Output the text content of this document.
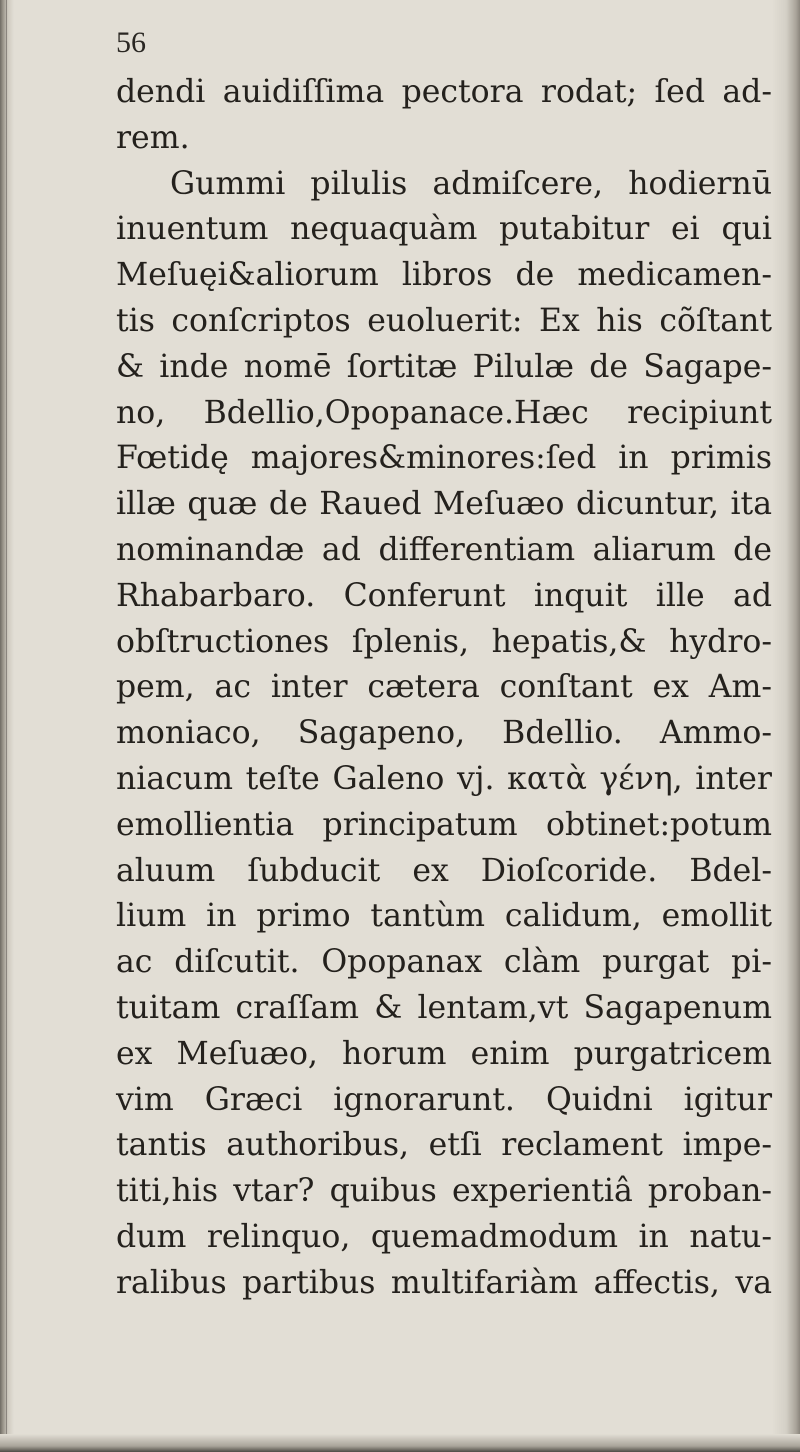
56
dendi auidiſſima pectora rodat; ſed ad-
rem.
Gummi pilulis admiſcere, hodiernū
inuentum nequaquàm putabitur ei qui
Meſuęi&aliorum libros de medicamen-
tis conſcriptos euoluerit: Ex his cõſtant
& inde nomē ſortitæ Pilulæ de Sagape-
no, Bdellio,Opopanace.Hæc recipiunt
Fœtidę majores&minores:ſed in primis
illæ quæ de Raued Meſuæo dicuntur, ita
nominandæ ad differentiam aliarum de
Rhabarbaro. Conferunt inquit ille ad
obſtructiones ſplenis, hepatis,& hydro-
pem, ac inter cætera conſtant ex Am-
moniaco, Sagapeno, Bdellio. Ammo-
niacum teſte Galeno vj. κατὰ γένη, inter
emollientia principatum obtinet:potum
aluum ſubducit ex Dioſcoride. Bdel-
lium in primo tantùm calidum, emollit
ac diſcutit. Opopanax clàm purgat pi-
tuitam craſſam & lentam,vt Sagapenum
ex Meſuæo, horum enim purgatricem
vim Græci ignorarunt. Quidni igitur
tantis authoribus, etſi reclament impe-
titi,his vtar? quibus experientiâ proban-
dum relinquo, quemadmodum in natu-
ralibus partibus multifariàm affectis, va
